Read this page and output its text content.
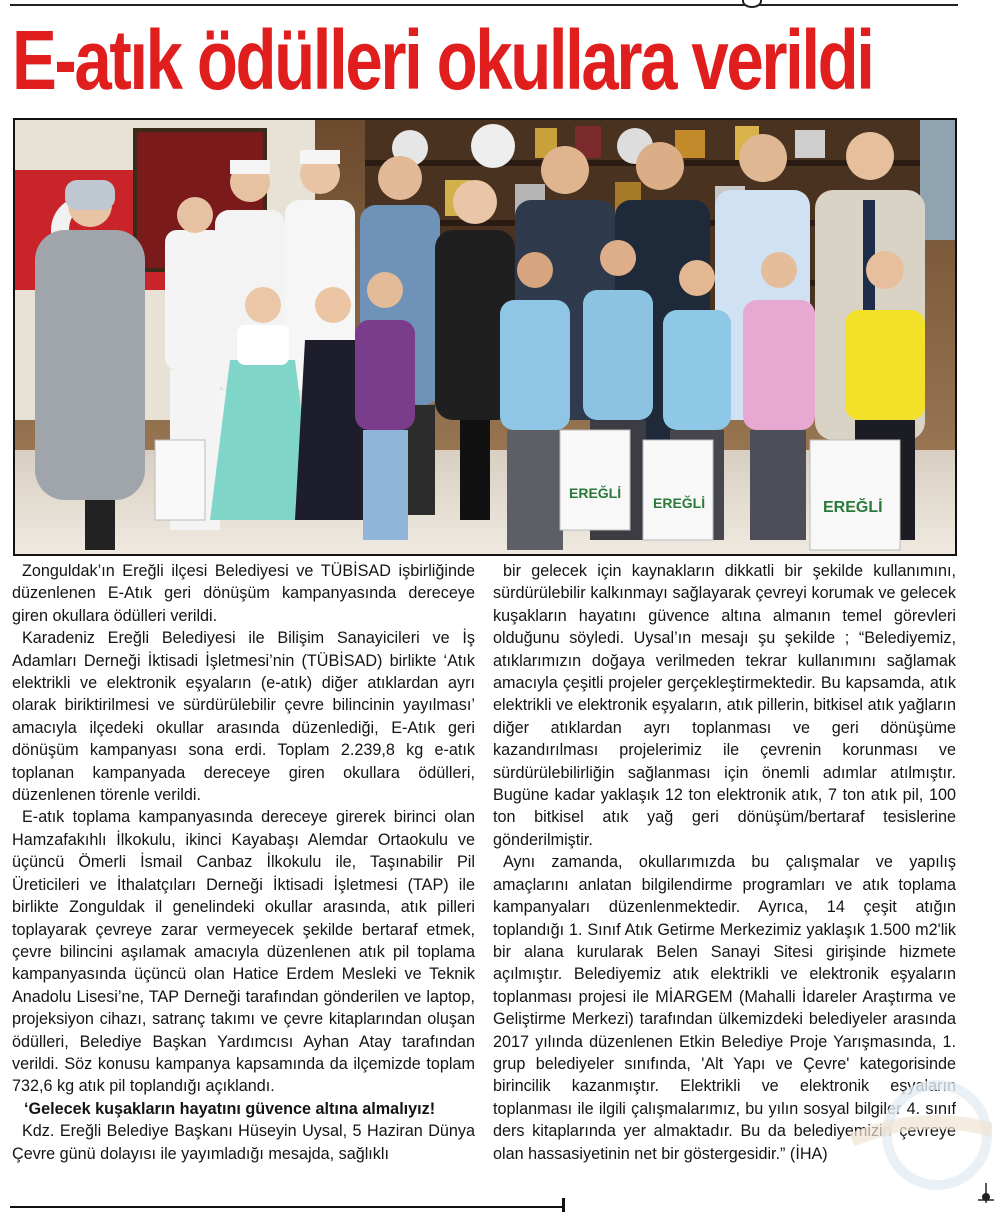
E-atık ödülleri okullara verildi
EREĞLİ
EREĞLİ	EREĞLİ

Zonguldak’ın Ereğli ilçesi Belediyesi ve TÜBİSAD işbirliğinde düzenlenen E-Atık geri dönüşüm kampanyasında dereceye giren okullara ödülleri verildi.

Karadeniz Ereğli Belediyesi ile Bilişim Sanayicileri ve İş Adamları Derneği İktisadi İşletmesi’nin (TÜBİSAD) birlikte ‘Atık elektrikli ve elektronik eşyaların (e-atık) diğer atıklardan ayrı olarak biriktirilmesi ve sürdürülebilir çevre bilincinin yayılması’ amacıyla ilçedeki okullar arasında düzenlediği, E-Atık geri dönüşüm kampanyası sona erdi. Toplam 2.239,8 kg e-atık toplanan kampanyada dereceye giren okullara ödülleri, düzenlenen törenle verildi.

E-atık toplama kampanyasında dereceye girerek birinci olan Hamzafakıhlı İlkokulu, ikinci Kayabaşı Alemdar Ortaokulu ve üçüncü Ömerli İsmail Canbaz İlkokulu ile, Taşınabilir Pil Üreticileri ve İthalatçıları Derneği İktisadi İşletmesi (TAP) ile birlikte Zonguldak il genelindeki okullar arasında, atık pilleri toplayarak çevreye zarar vermeyecek şekilde bertaraf etmek, çevre bilincini aşılamak amacıyla düzenlenen atık pil toplama kampanyasında üçüncü olan Hatice Erdem Mesleki ve Teknik Anadolu Lisesi’ne, TAP Derneği tarafından gönderilen ve laptop, projeksiyon cihazı, satranç takımı ve çevre kitaplarından oluşan ödülleri, Belediye Başkan Yardımcısı Ayhan Atay tarafından verildi. Söz konusu kampanya kapsamında da ilçemizde toplam 732,6 kg atık pil toplandığı açıklandı.

‘Gelecek kuşakların hayatını güvence altına almalıyız!

Kdz. Ereğli Belediye Başkanı Hüseyin Uysal, 5 Haziran Dünya Çevre günü dolayısı ile yayımladığı mesajda, sağlıklı

bir gelecek için kaynakların dikkatli bir şekilde kullanımını, sürdürülebilir kalkınmayı sağlayarak çevreyi korumak ve gelecek kuşakların hayatını güvence altına almanın temel görevleri olduğunu söyledi. Uysal’ın mesajı şu şekilde ; “Belediyemiz, atıklarımızın doğaya verilmeden tekrar kullanımını sağlamak amacıyla çeşitli projeler gerçekleştirmektedir. Bu kapsamda, atık elektrikli ve elektronik eşyaların, atık pillerin, bitkisel atık yağların diğer atıklardan ayrı toplanması ve geri dönüşüme kazandırılması projelerimiz ile çevrenin korunması ve sürdürülebilirliğin sağlanması için önemli adımlar atılmıştır. Bugüne kadar yaklaşık 12 ton elektronik atık, 7 ton atık pil, 100 ton bitkisel atık yağ geri dönüşüm/bertaraf tesislerine gönderilmiştir.

Aynı zamanda, okullarımızda bu çalışmalar ve yapılış amaçlarını anlatan bilgilendirme programları ve atık toplama kampanyaları düzenlenmektedir. Ayrıca, 14 çeşit atığın toplandığı 1. Sınıf Atık Getirme Merkezimiz yaklaşık 1.500 m2'lik bir alana kurularak Belen Sanayi Sitesi girişinde hizmete açılmıştır. Belediyemiz atık elektrikli ve elektronik eşyaların toplanması projesi ile MİARGEM (Mahalli İdareler Araştırma ve Geliştirme Merkezi) tarafından ülkemizdeki belediyeler arasında 2017 yılında düzenlenen Etkin Belediye Proje Yarışmasında, 1. grup belediyeler sınıfında, 'Alt Yapı ve Çevre' kategorisinde birincilik kazanmıştır. Elektrikli ve elektronik eşyaların toplanması ile ilgili çalışmalarımız, bu yılın sosyal bilgiler 4. sınıf ders kitaplarında yer almaktadır. Bu da belediyemizin çevreye olan hassasiyetinin net bir göstergesidir.” (İHA)
